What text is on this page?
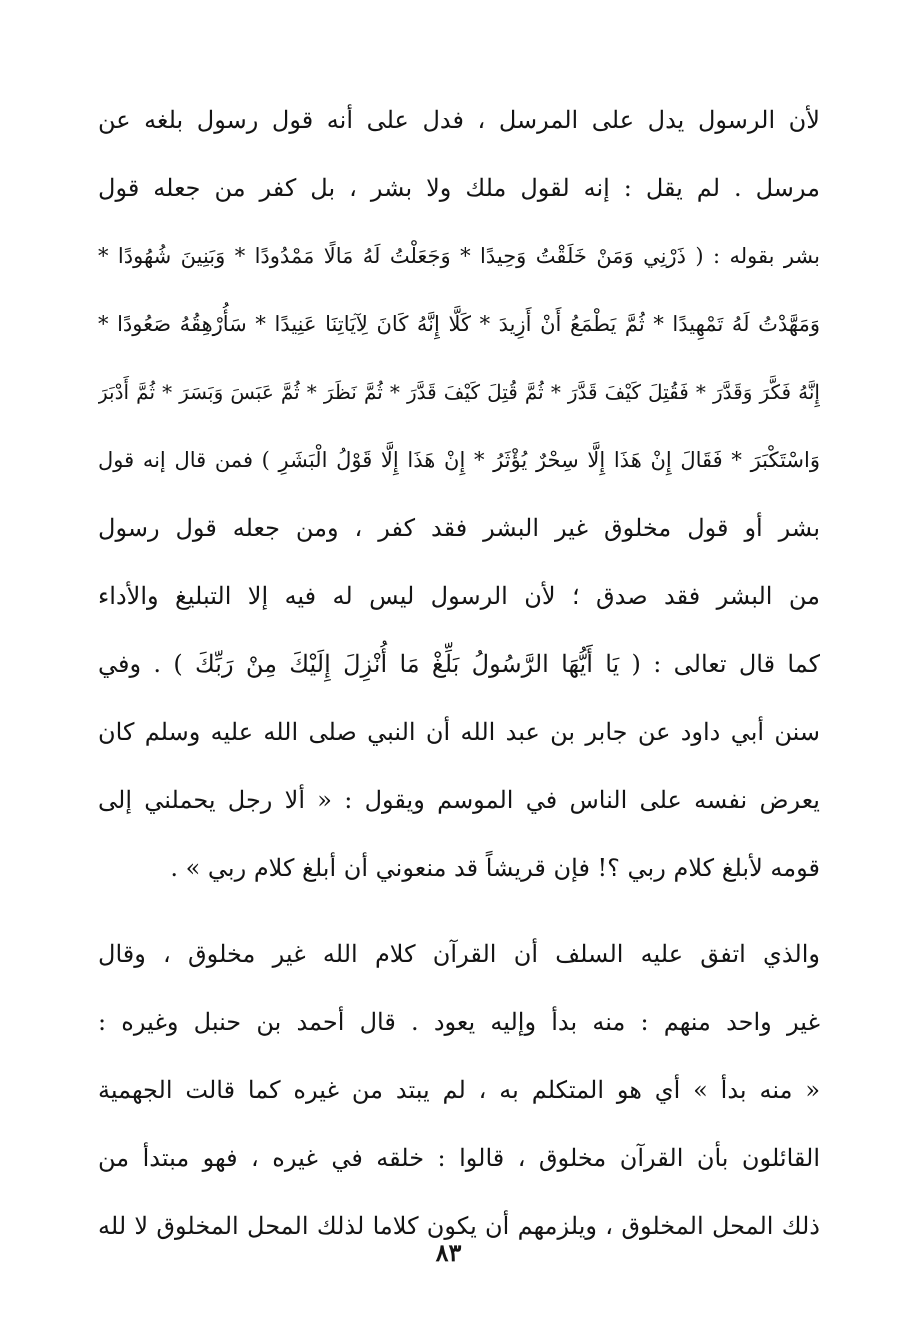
لأن الرسول يدل على المرسل ، فدل على أنه قول رسول بلغه عن
مرسل . لم يقل : إنه لقول ملك ولا بشر ، بل كفر من جعله قول
بشر بقوله : ( ذَرْنِي وَمَنْ خَلَقْتُ وَحِيدًا * وَجَعَلْتُ لَهُ مَالًا مَمْدُودًا * وَبَنِينَ شُهُودًا *
وَمَهَّدْتُ لَهُ تَمْهِيدًا * ثُمَّ يَطْمَعُ أَنْ أَزِيدَ * كَلَّا إِنَّهُ كَانَ لِآيَاتِنَا عَنِيدًا * سَأُرْهِقُهُ صَعُودًا *
إِنَّهُ فَكَّرَ وَقَدَّرَ * فَقُتِلَ كَيْفَ قَدَّرَ * ثُمَّ قُتِلَ كَيْفَ قَدَّرَ * ثُمَّ نَظَرَ * ثُمَّ عَبَسَ وَبَسَرَ * ثُمَّ أَدْبَرَ
وَاسْتَكْبَرَ * فَقَالَ إِنْ هَذَا إِلَّا سِحْرٌ يُؤْثَرُ * إِنْ هَذَا إِلَّا قَوْلُ الْبَشَرِ ) فمن قال إنه قول
بشر أو قول مخلوق غير البشر فقد كفر ، ومن جعله قول رسول
من البشر فقد صدق ؛ لأن الرسول ليس له فيه إلا التبليغ والأداء
كما قال تعالى : ( يَا أَيُّهَا الرَّسُولُ بَلِّغْ مَا أُنْزِلَ إِلَيْكَ مِنْ رَبِّكَ ) . وفي
سنن أبي داود عن جابر بن عبد الله أن النبي صلى الله عليه وسلم كان
يعرض نفسه على الناس في الموسم ويقول : « ألا رجل يحملني إلى
قومه لأبلغ كلام ربي ؟! فإن قريشاً قد منعوني أن أبلغ كلام ربي » .
والذي اتفق عليه السلف أن القرآن كلام الله غير مخلوق ، وقال
غير واحد منهم : منه بدأ وإليه يعود . قال أحمد بن حنبل وغيره :
« منه بدأ » أي هو المتكلم به ، لم يبتد من غيره كما قالت الجهمية
القائلون بأن القرآن مخلوق ، قالوا : خلقه في غيره ، فهو مبتدأ من
ذلك المحل المخلوق ، ويلزمهم أن يكون كلاما لذلك المحل المخلوق لا لله
٨٣
